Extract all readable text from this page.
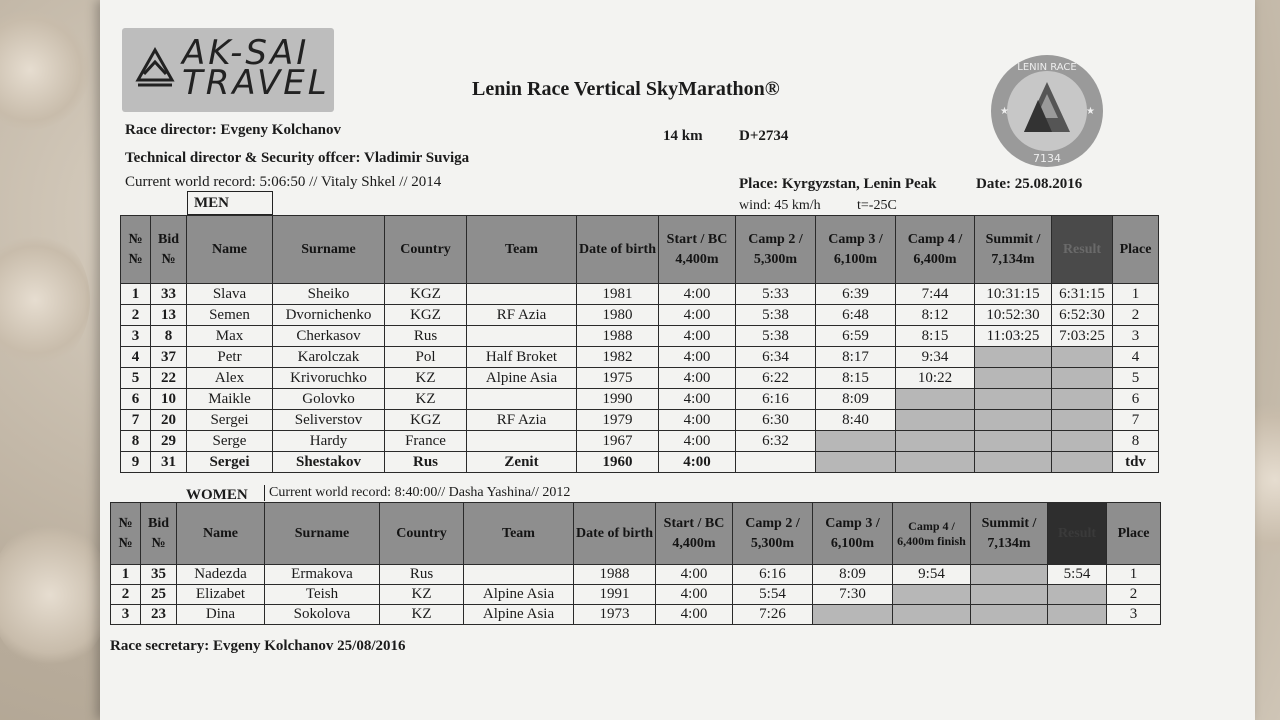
AK-SAI TRAVEL	Lenin Race Vertical SkyMarathon®
LENIN RACE
7134
★	★
Race director: Evgeny Kolchanov
Technical director & Security offcer: Vladimir Suviga
Current world record: 5:06:50 // Vitaly Shkel // 2014
14 km D+2734
Place: Kyrgyzstan, Lenin Peak	Date: 25.08.2016
wind: 45 km/h	t=-25C
MEN
№ №	Bid №	Name	Surname	Country	Team	Date of birth	Start / BC 4,400m	Camp 2 / 5,300m	Camp 3 / 6,100m	Camp 4 / 6,400m	Summit / 7,134m	Result	Place
1	33	Slava	Sheiko	KGZ		1981	4:00	5:33	6:39	7:44	10:31:15	6:31:15	1
2	13	Semen	Dvornichenko	KGZ	RF Azia	1980	4:00	5:38	6:48	8:12	10:52:30	6:52:30	2
3	8	Max	Cherkasov	Rus		1988	4:00	5:38	6:59	8:15	11:03:25	7:03:25	3
4	37	Petr	Karolczak	Pol	Half Broket	1982	4:00	6:34	8:17	9:34			4
5	22	Alex	Krivoruchko	KZ	Alpine Asia	1975	4:00	6:22	8:15	10:22			5
6	10	Maikle	Golovko	KZ		1990	4:00	6:16	8:09				6
7	20	Sergei	Seliverstov	KGZ	RF Azia	1979	4:00	6:30	8:40				7
8	29	Serge	Hardy	France		1967	4:00	6:32					8
9	31	Sergei	Shestakov	Rus	Zenit	1960	4:00						tdv
WOMEN	Current world record: 8:40:00// Dasha Yashina// 2012
№ №	Bid №	Name	Surname	Country	Team	Date of birth	Start / BC 4,400m	Camp 2 / 5,300m	Camp 3 / 6,100m	Camp 4 / 6,400m finish	Summit / 7,134m	Result	Place
1	35	Nadezda	Ermakova	Rus		1988	4:00	6:16	8:09	9:54		5:54	1
2	25	Elizabet	Teish	KZ	Alpine Asia	1991	4:00	5:54	7:30				2
3	23	Dina	Sokolova	KZ	Alpine Asia	1973	4:00	7:26					3
Race secretary: Evgeny Kolchanov 25/08/2016
